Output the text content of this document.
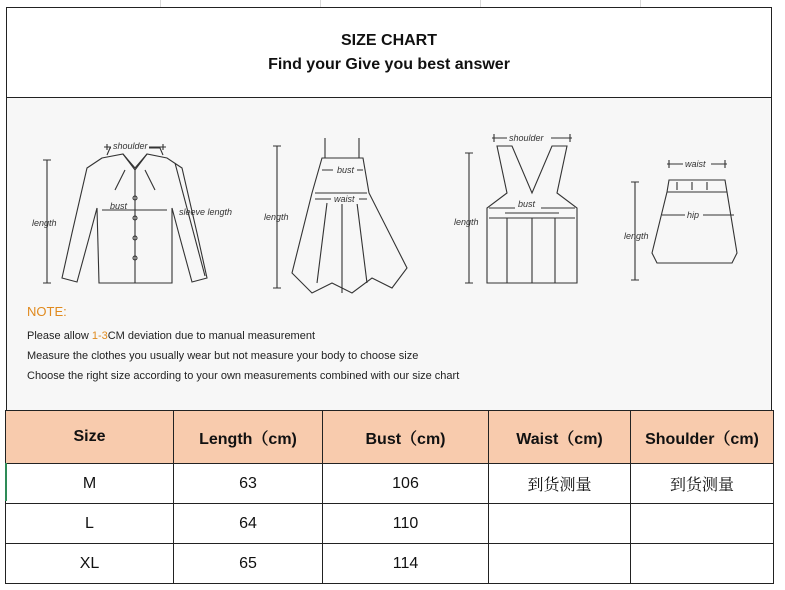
SIZE CHART
Find your Give you best answer
shoulder
bust
length
sleeve length
bust
waist
length
shoulder
bust
length
waist
hip
length
NOTE:
Please allow 1-3CM deviation due to manual measurement
Measure the clothes you usually wear but not measure your body to choose size
Choose the right size according to your own measurements combined with our size chart
Size	Length（cm)	Bust（cm)	Waist（cm)	Shoulder（cm)
M	63	106	到货测量	到货测量
L	64	110		
XL	65	114		
